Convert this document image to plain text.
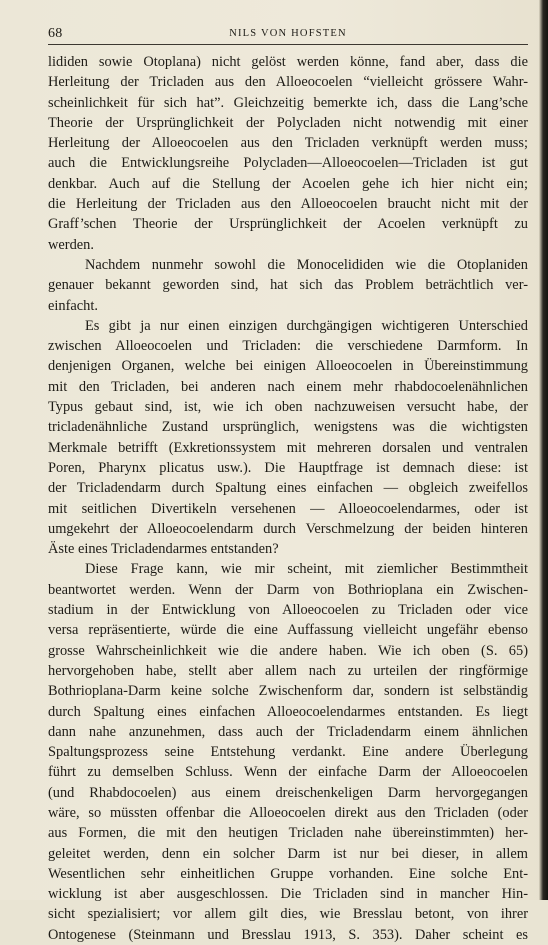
68	NILS VON HOFSTEN
lididen sowie Otoplana) nicht gelöst werden könne, fand aber, dass die
Herleitung der Tricladen aus den Alloeocoelen “vielleicht grössere Wahr-
scheinlichkeit für sich hat”. Gleichzeitig bemerkte ich, dass die Lang’sche
Theorie der Ursprünglichkeit der Polycladen nicht notwendig mit einer
Herleitung der Alloeocoelen aus den Tricladen verknüpft werden muss;
auch die Entwicklungsreihe Polycladen—Alloeocoelen—Tricladen ist gut
denkbar. Auch auf die Stellung der Acoelen gehe ich hier nicht ein;
die Herleitung der Tricladen aus den Alloeocoelen braucht nicht mit der
Graff’schen Theorie der Ursprünglichkeit der Acoelen verknüpft zu
werden.
Nachdem nunmehr sowohl die Monocelididen wie die Otoplaniden
genauer bekannt geworden sind, hat sich das Problem beträchtlich ver-
einfacht.
Es gibt ja nur einen einzigen durchgängigen wichtigeren Unterschied
zwischen Alloeocoelen und Tricladen: die verschiedene Darmform. In
denjenigen Organen, welche bei einigen Alloeocoelen in Übereinstimmung
mit den Tricladen, bei anderen nach einem mehr rhabdocoelenähnlichen
Typus gebaut sind, ist, wie ich oben nachzuweisen versucht habe, der
tricladenähnliche Zustand ursprünglich, wenigstens was die wichtigsten
Merkmale betrifft (Exkretionssystem mit mehreren dorsalen und ventralen
Poren, Pharynx plicatus usw.). Die Hauptfrage ist demnach diese: ist
der Tricladendarm durch Spaltung eines einfachen — obgleich zweifellos
mit seitlichen Divertikeln versehenen — Alloeocoelendarmes, oder ist
umgekehrt der Alloeocoelendarm durch Verschmelzung der beiden hinteren
Äste eines Tricladendarmes entstanden?
Diese Frage kann, wie mir scheint, mit ziemlicher Bestimmtheit
beantwortet werden. Wenn der Darm von Bothrioplana ein Zwischen-
stadium in der Entwicklung von Alloeocoelen zu Tricladen oder vice
versa repräsentierte, würde die eine Auffassung vielleicht ungefähr ebenso
grosse Wahrscheinlichkeit wie die andere haben. Wie ich oben (S. 65)
hervorgehoben habe, stellt aber allem nach zu urteilen der ringförmige
Bothrioplana-Darm keine solche Zwischenform dar, sondern ist selbständig
durch Spaltung eines einfachen Alloeocoelendarmes entstanden. Es liegt
dann nahe anzunehmen, dass auch der Tricladendarm einem ähnlichen
Spaltungsprozess seine Entstehung verdankt. Eine andere Überlegung
führt zu demselben Schluss. Wenn der einfache Darm der Alloeocoelen
(und Rhabdocoelen) aus einem dreischenkeligen Darm hervorgegangen
wäre, so müssten offenbar die Alloeocoelen direkt aus den Tricladen (oder
aus Formen, die mit den heutigen Tricladen nahe übereinstimmten) her-
geleitet werden, denn ein solcher Darm ist nur bei dieser, in allem
Wesentlichen sehr einheitlichen Gruppe vorhanden. Eine solche Ent-
wicklung ist aber ausgeschlossen. Die Tricladen sind in mancher Hin-
sicht spezialisiert; vor allem gilt dies, wie Bresslau betont, von ihrer
Ontogenese (Steinmann und Bresslau 1913, S. 353). Daher scheint es
